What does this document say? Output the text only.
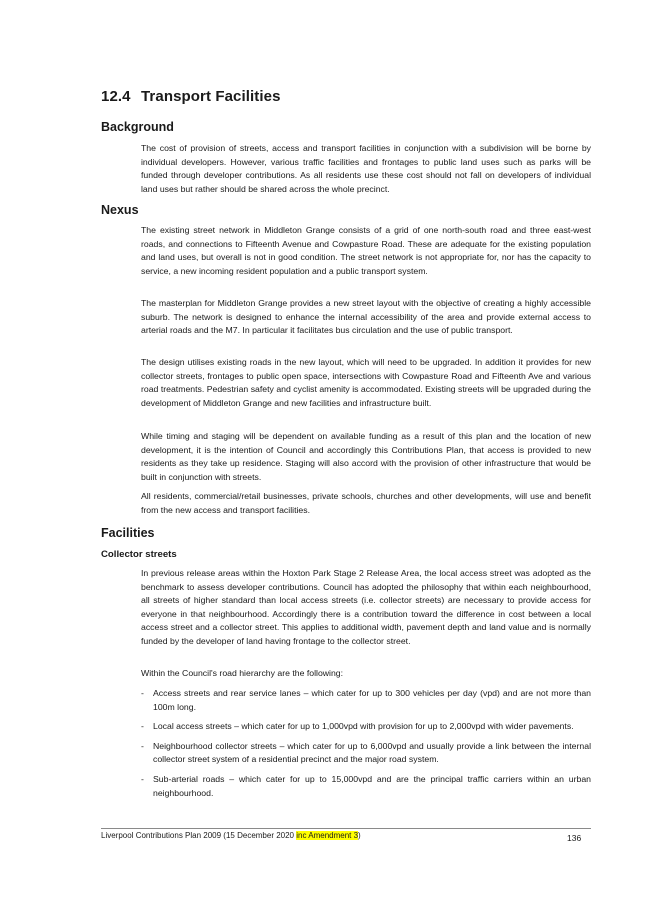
12.4 Transport Facilities
Background

The cost of provision of streets, access and transport facilities in conjunction with a subdivision will be borne by individual developers. However, various traffic facilities and frontages to public land uses such as parks will be funded through developer contributions. As all residents use these cost should not fall on developers of individual land uses but rather should be shared across the whole precinct.

Nexus

The existing street network in Middleton Grange consists of a grid of one north-south road and three east-west roads, and connections to Fifteenth Avenue and Cowpasture Road. These are adequate for the existing population and land uses, but overall is not in good condition. The street network is not appropriate for, nor has the capacity to service, a new incoming resident population and a public transport system.

The masterplan for Middleton Grange provides a new street layout with the objective of creating a highly accessible suburb. The network is designed to enhance the internal accessibility of the area and provide external access to arterial roads and the M7. In particular it facilitates bus circulation and the use of public transport.

The design utilises existing roads in the new layout, which will need to be upgraded. In addition it provides for new collector streets, frontages to public open space, intersections with Cowpasture Road and Fifteenth Ave and various road treatments. Pedestrian safety and cyclist amenity is accommodated. Existing streets will be upgraded during the development of Middleton Grange and new facilities and infrastructure built.

While timing and staging will be dependent on available funding as a result of this plan and the location of new development, it is the intention of Council and accordingly this Contributions Plan, that access is provided to new residents as they take up residence. Staging will also accord with the provision of other infrastructure that would be built in conjunction with streets.

All residents, commercial/retail businesses, private schools, churches and other developments, will use and benefit from the new access and transport facilities.

Facilities
Collector streets

In previous release areas within the Hoxton Park Stage 2 Release Area, the local access street was adopted as the benchmark to assess developer contributions. Council has adopted the philosophy that within each neighbourhood, all streets of higher standard than local access streets (i.e. collector streets) are necessary to provide access for everyone in that neighbourhood. Accordingly there is a contribution toward the difference in cost between a local access street and a collector street. This applies to additional width, pavement depth and land value and is normally funded by the developer of land having frontage to the collector street.

Within the Council's road hierarchy are the following:

- Access streets and rear service lanes – which cater for up to 300 vehicles per day (vpd) and are not more than 100m long.
- Local access streets – which cater for up to 1,000vpd with provision for up to 2,000vpd with wider pavements.
- Neighbourhood collector streets – which cater for up to 6,000vpd and usually provide a link between the internal collector street system of a residential precinct and the major road system.
- Sub-arterial roads – which cater for up to 15,000vpd and are the principal traffic carriers within an urban neighbourhood.
Liverpool Contributions Plan 2009 (15 December 2020 inc Amendment 3)	136
